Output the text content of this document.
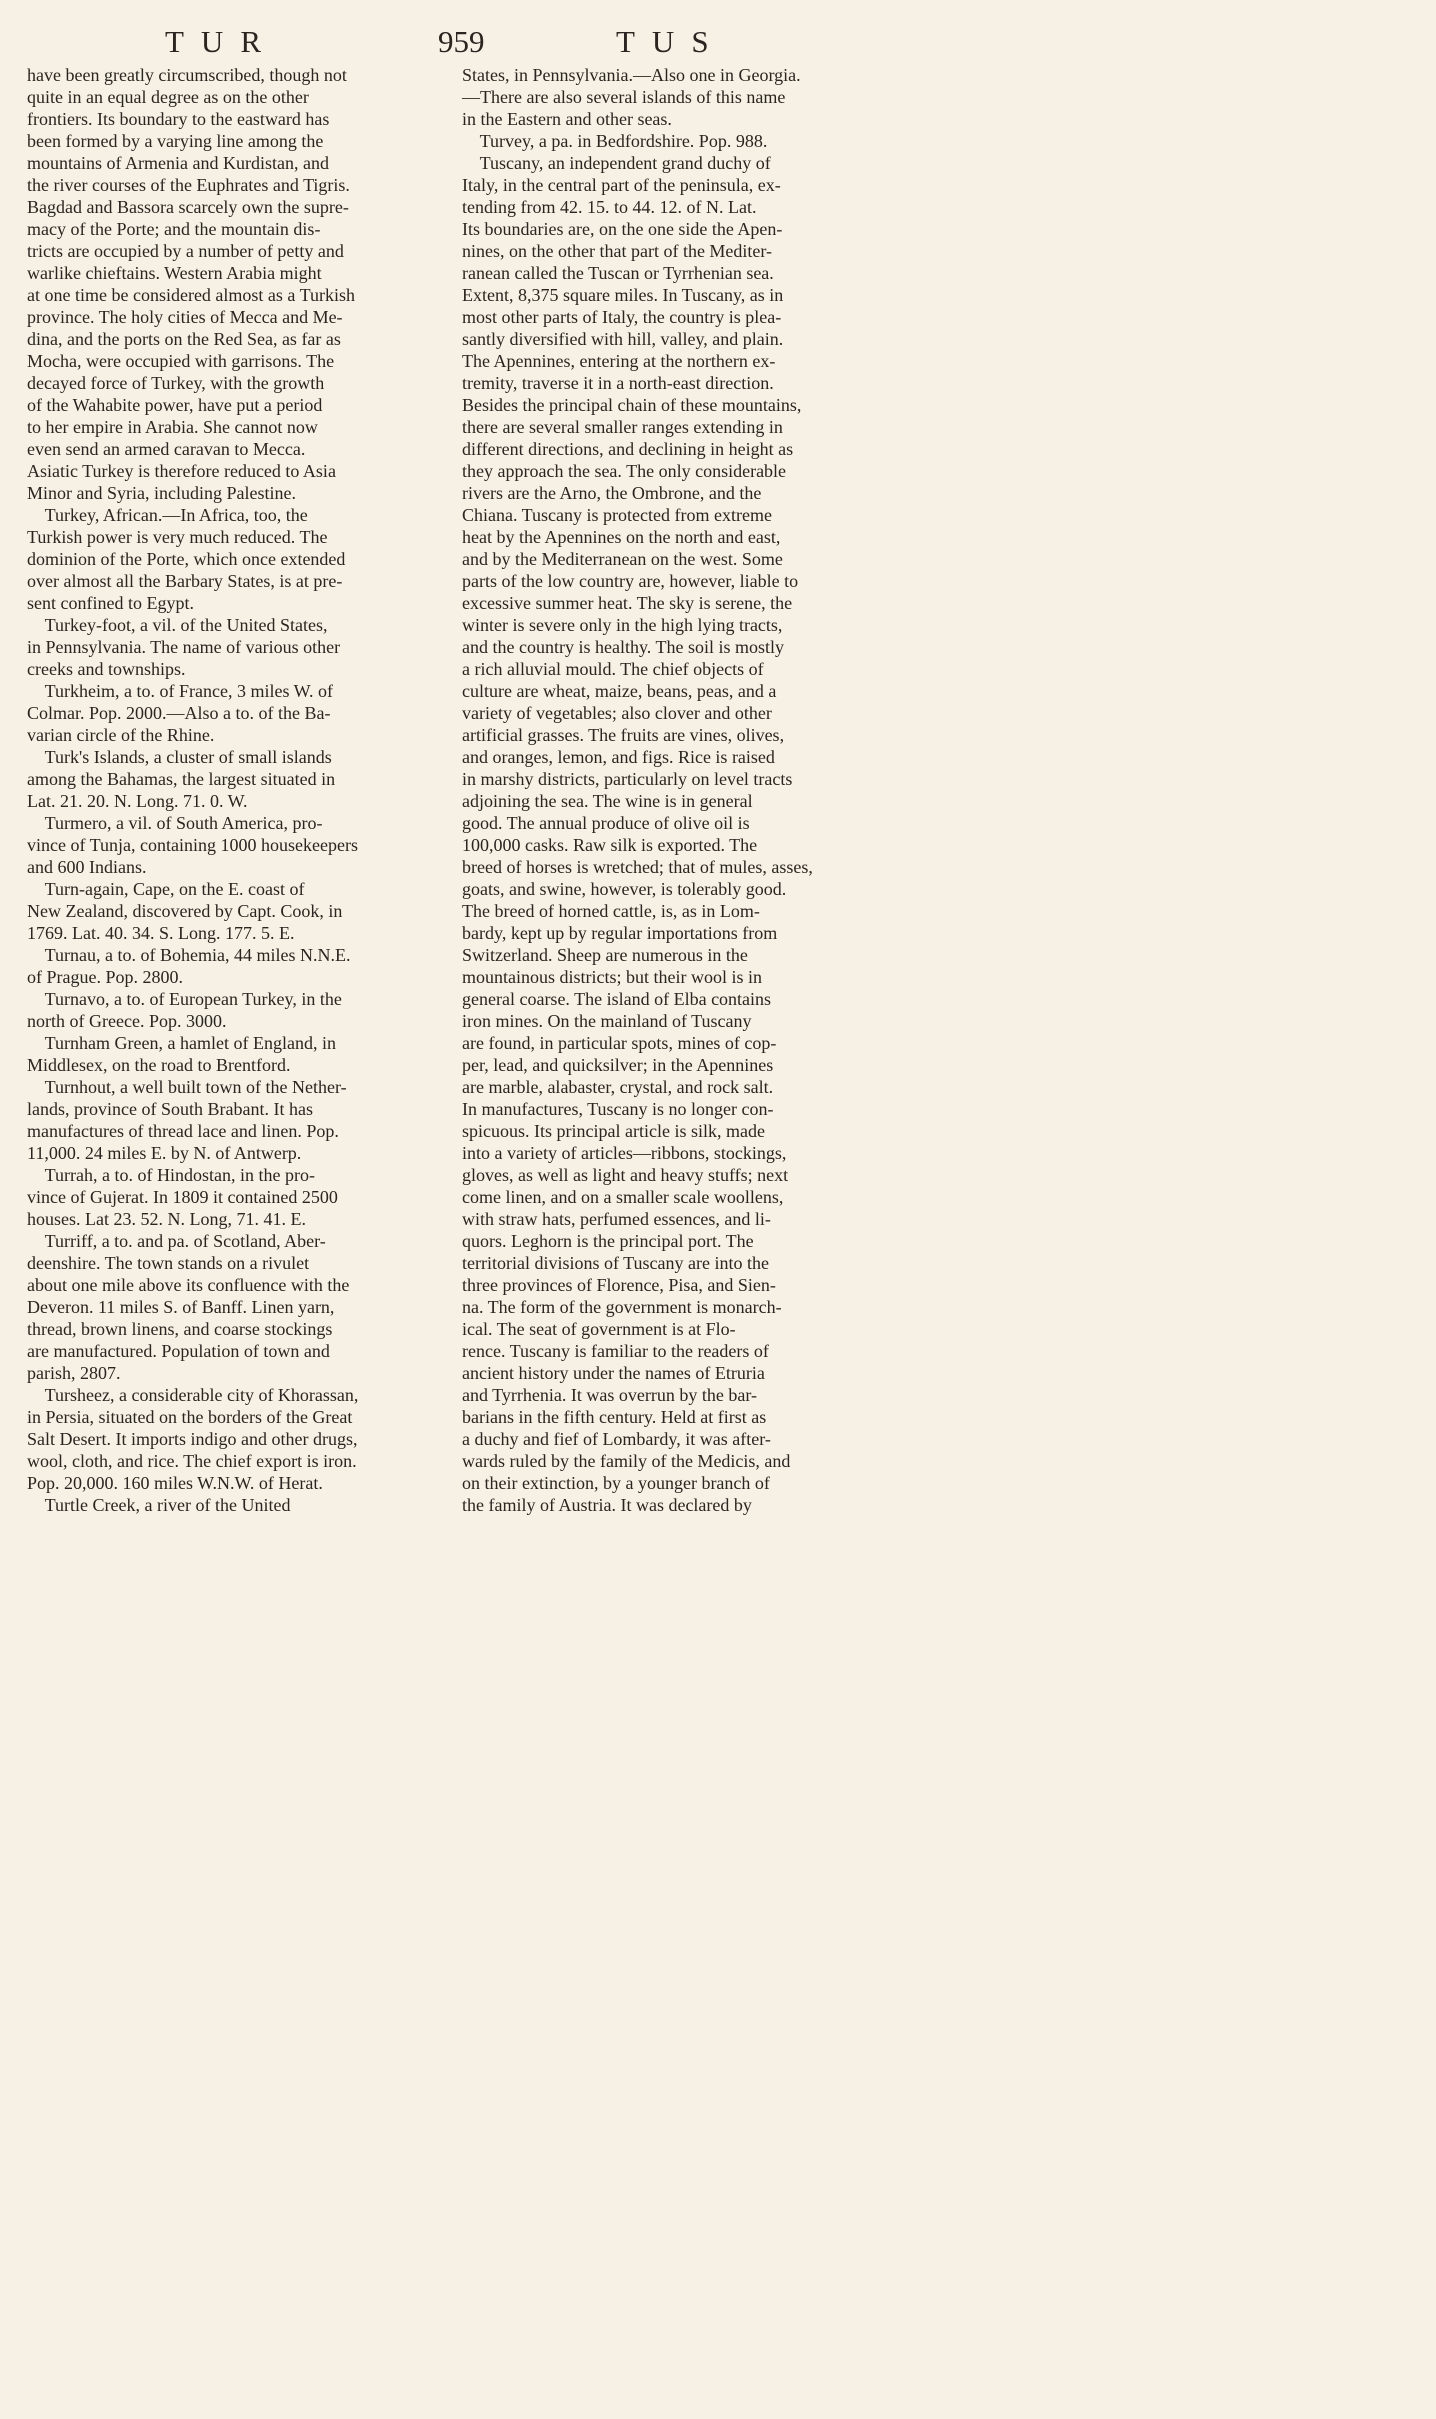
TUR	959	TUS
have been greatly circumscribed, though not
quite in an equal degree as on the other
frontiers. Its boundary to the eastward has
been formed by a varying line among the
mountains of Armenia and Kurdistan, and
the river courses of the Euphrates and Tigris.
Bagdad and Bassora scarcely own the supre-
macy of the Porte; and the mountain dis-
tricts are occupied by a number of petty and
warlike chieftains. Western Arabia might
at one time be considered almost as a Turkish
province. The holy cities of Mecca and Me-
dina, and the ports on the Red Sea, as far as
Mocha, were occupied with garrisons. The
decayed force of Turkey, with the growth
of the Wahabite power, have put a period
to her empire in Arabia. She cannot now
even send an armed caravan to Mecca.
Asiatic Turkey is therefore reduced to Asia
Minor and Syria, including Palestine.
Turkey, African.—In Africa, too, the
Turkish power is very much reduced. The
dominion of the Porte, which once extended
over almost all the Barbary States, is at pre-
sent confined to Egypt.
Turkey-foot, a vil. of the United States,
in Pennsylvania. The name of various other
creeks and townships.
Turkheim, a to. of France, 3 miles W. of
Colmar. Pop. 2000.—Also a to. of the Ba-
varian circle of the Rhine.
Turk's Islands, a cluster of small islands
among the Bahamas, the largest situated in
Lat. 21. 20. N. Long. 71. 0. W.
Turmero, a vil. of South America, pro-
vince of Tunja, containing 1000 housekeepers
and 600 Indians.
Turn-again, Cape, on the E. coast of
New Zealand, discovered by Capt. Cook, in
1769. Lat. 40. 34. S. Long. 177. 5. E.
Turnau, a to. of Bohemia, 44 miles N.N.E.
of Prague. Pop. 2800.
Turnavo, a to. of European Turkey, in the
north of Greece. Pop. 3000.
Turnham Green, a hamlet of England, in
Middlesex, on the road to Brentford.
Turnhout, a well built town of the Nether-
lands, province of South Brabant. It has
manufactures of thread lace and linen. Pop.
11,000. 24 miles E. by N. of Antwerp.
Turrah, a to. of Hindostan, in the pro-
vince of Gujerat. In 1809 it contained 2500
houses. Lat 23. 52. N. Long, 71. 41. E.
Turriff, a to. and pa. of Scotland, Aber-
deenshire. The town stands on a rivulet
about one mile above its confluence with the
Deveron. 11 miles S. of Banff. Linen yarn,
thread, brown linens, and coarse stockings
are manufactured. Population of town and
parish, 2807.
Tursheez, a considerable city of Khorassan,
in Persia, situated on the borders of the Great
Salt Desert. It imports indigo and other drugs,
wool, cloth, and rice. The chief export is iron.
Pop. 20,000. 160 miles W.N.W. of Herat.
Turtle Creek, a river of the United
States, in Pennsylvania.—Also one in Georgia.
—There are also several islands of this name
in the Eastern and other seas.
Turvey, a pa. in Bedfordshire. Pop. 988.
Tuscany, an independent grand duchy of
Italy, in the central part of the peninsula, ex-
tending from 42. 15. to 44. 12. of N. Lat.
Its boundaries are, on the one side the Apen-
nines, on the other that part of the Mediter-
ranean called the Tuscan or Tyrrhenian sea.
Extent, 8,375 square miles. In Tuscany, as in
most other parts of Italy, the country is plea-
santly diversified with hill, valley, and plain.
The Apennines, entering at the northern ex-
tremity, traverse it in a north-east direction.
Besides the principal chain of these mountains,
there are several smaller ranges extending in
different directions, and declining in height as
they approach the sea. The only considerable
rivers are the Arno, the Ombrone, and the
Chiana. Tuscany is protected from extreme
heat by the Apennines on the north and east,
and by the Mediterranean on the west. Some
parts of the low country are, however, liable to
excessive summer heat. The sky is serene, the
winter is severe only in the high lying tracts,
and the country is healthy. The soil is mostly
a rich alluvial mould. The chief objects of
culture are wheat, maize, beans, peas, and a
variety of vegetables; also clover and other
artificial grasses. The fruits are vines, olives,
and oranges, lemon, and figs. Rice is raised
in marshy districts, particularly on level tracts
adjoining the sea. The wine is in general
good. The annual produce of olive oil is
100,000 casks. Raw silk is exported. The
breed of horses is wretched; that of mules, asses,
goats, and swine, however, is tolerably good.
The breed of horned cattle, is, as in Lom-
bardy, kept up by regular importations from
Switzerland. Sheep are numerous in the
mountainous districts; but their wool is in
general coarse. The island of Elba contains
iron mines. On the mainland of Tuscany
are found, in particular spots, mines of cop-
per, lead, and quicksilver; in the Apennines
are marble, alabaster, crystal, and rock salt.
In manufactures, Tuscany is no longer con-
spicuous. Its principal article is silk, made
into a variety of articles—ribbons, stockings,
gloves, as well as light and heavy stuffs; next
come linen, and on a smaller scale woollens,
with straw hats, perfumed essences, and li-
quors. Leghorn is the principal port. The
territorial divisions of Tuscany are into the
three provinces of Florence, Pisa, and Sien-
na. The form of the government is monarch-
ical. The seat of government is at Flo-
rence. Tuscany is familiar to the readers of
ancient history under the names of Etruria
and Tyrrhenia. It was overrun by the bar-
barians in the fifth century. Held at first as
a duchy and fief of Lombardy, it was after-
wards ruled by the family of the Medicis, and
on their extinction, by a younger branch of
the family of Austria. It was declared by
